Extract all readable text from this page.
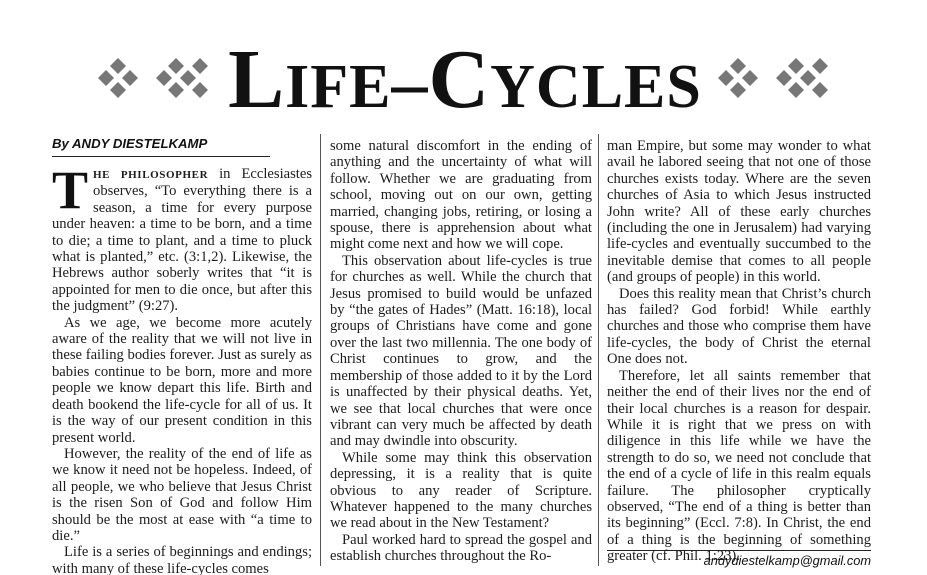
LIFE–CYCLES
By ANDY DIESTELKAMP

THE PHILOSOPHER in Ecclesiastes observes, “To everything there is a season, a time for every purpose under heaven: a time to be born, and a time to die; a time to plant, and a time to pluck what is planted,” etc. (3:1,2). Likewise, the Hebrews author soberly writes that “it is appointed for men to die once, but after this the judgment” (9:27).

As we age, we become more acutely aware of the reality that we will not live in these failing bodies forever. Just as surely as babies continue to be born, more and more people we know depart this life. Birth and death bookend the life-cycle for all of us. It is the way of our present condition in this present world.

However, the reality of the end of life as we know it need not be hopeless. Indeed, of all people, we who believe that Jesus Christ is the risen Son of God and follow Him should be the most at ease with “a time to die.”

Life is a series of beginnings and endings; with many of these life-cycles comes

some natural discomfort in the ending of anything and the uncertainty of what will follow. Whether we are graduating from school, moving out on our own, getting married, changing jobs, retiring, or losing a spouse, there is apprehension about what might come next and how we will cope.

This observation about life-cycles is true for churches as well. While the church that Jesus promised to build would be unfazed by “the gates of Hades” (Matt. 16:18), local groups of Christians have come and gone over the last two millennia. The one body of Christ continues to grow, and the membership of those added to it by the Lord is unaffected by their physical deaths. Yet, we see that local churches that were once vibrant can very much be affected by death and may dwindle into obscurity.

While some may think this observation depressing, it is a reality that is quite obvious to any reader of Scripture. Whatever happened to the many churches we read about in the New Testament?

Paul worked hard to spread the gospel and establish churches throughout the Ro-

man Empire, but some may wonder to what avail he labored seeing that not one of those churches exists today. Where are the seven churches of Asia to which Jesus instructed John write? All of these early churches (including the one in Jerusalem) had varying life-cycles and eventually succumbed to the inevitable demise that comes to all people (and groups of people) in this world.

Does this reality mean that Christ’s church has failed? God forbid! While earthly churches and those who comprise them have life-cycles, the body of Christ the eternal One does not.

Therefore, let all saints remember that neither the end of their lives nor the end of their local churches is a reason for despair. While it is right that we press on with diligence in this life while we have the strength to do so, we need not conclude that the end of a cycle of life in this realm equals failure. The philosopher cryptically observed, “The end of a thing is better than its beginning” (Eccl. 7:8). In Christ, the end of a thing is the beginning of something greater (cf. Phil. 1:23).

andydiestelkamp@gmail.com
